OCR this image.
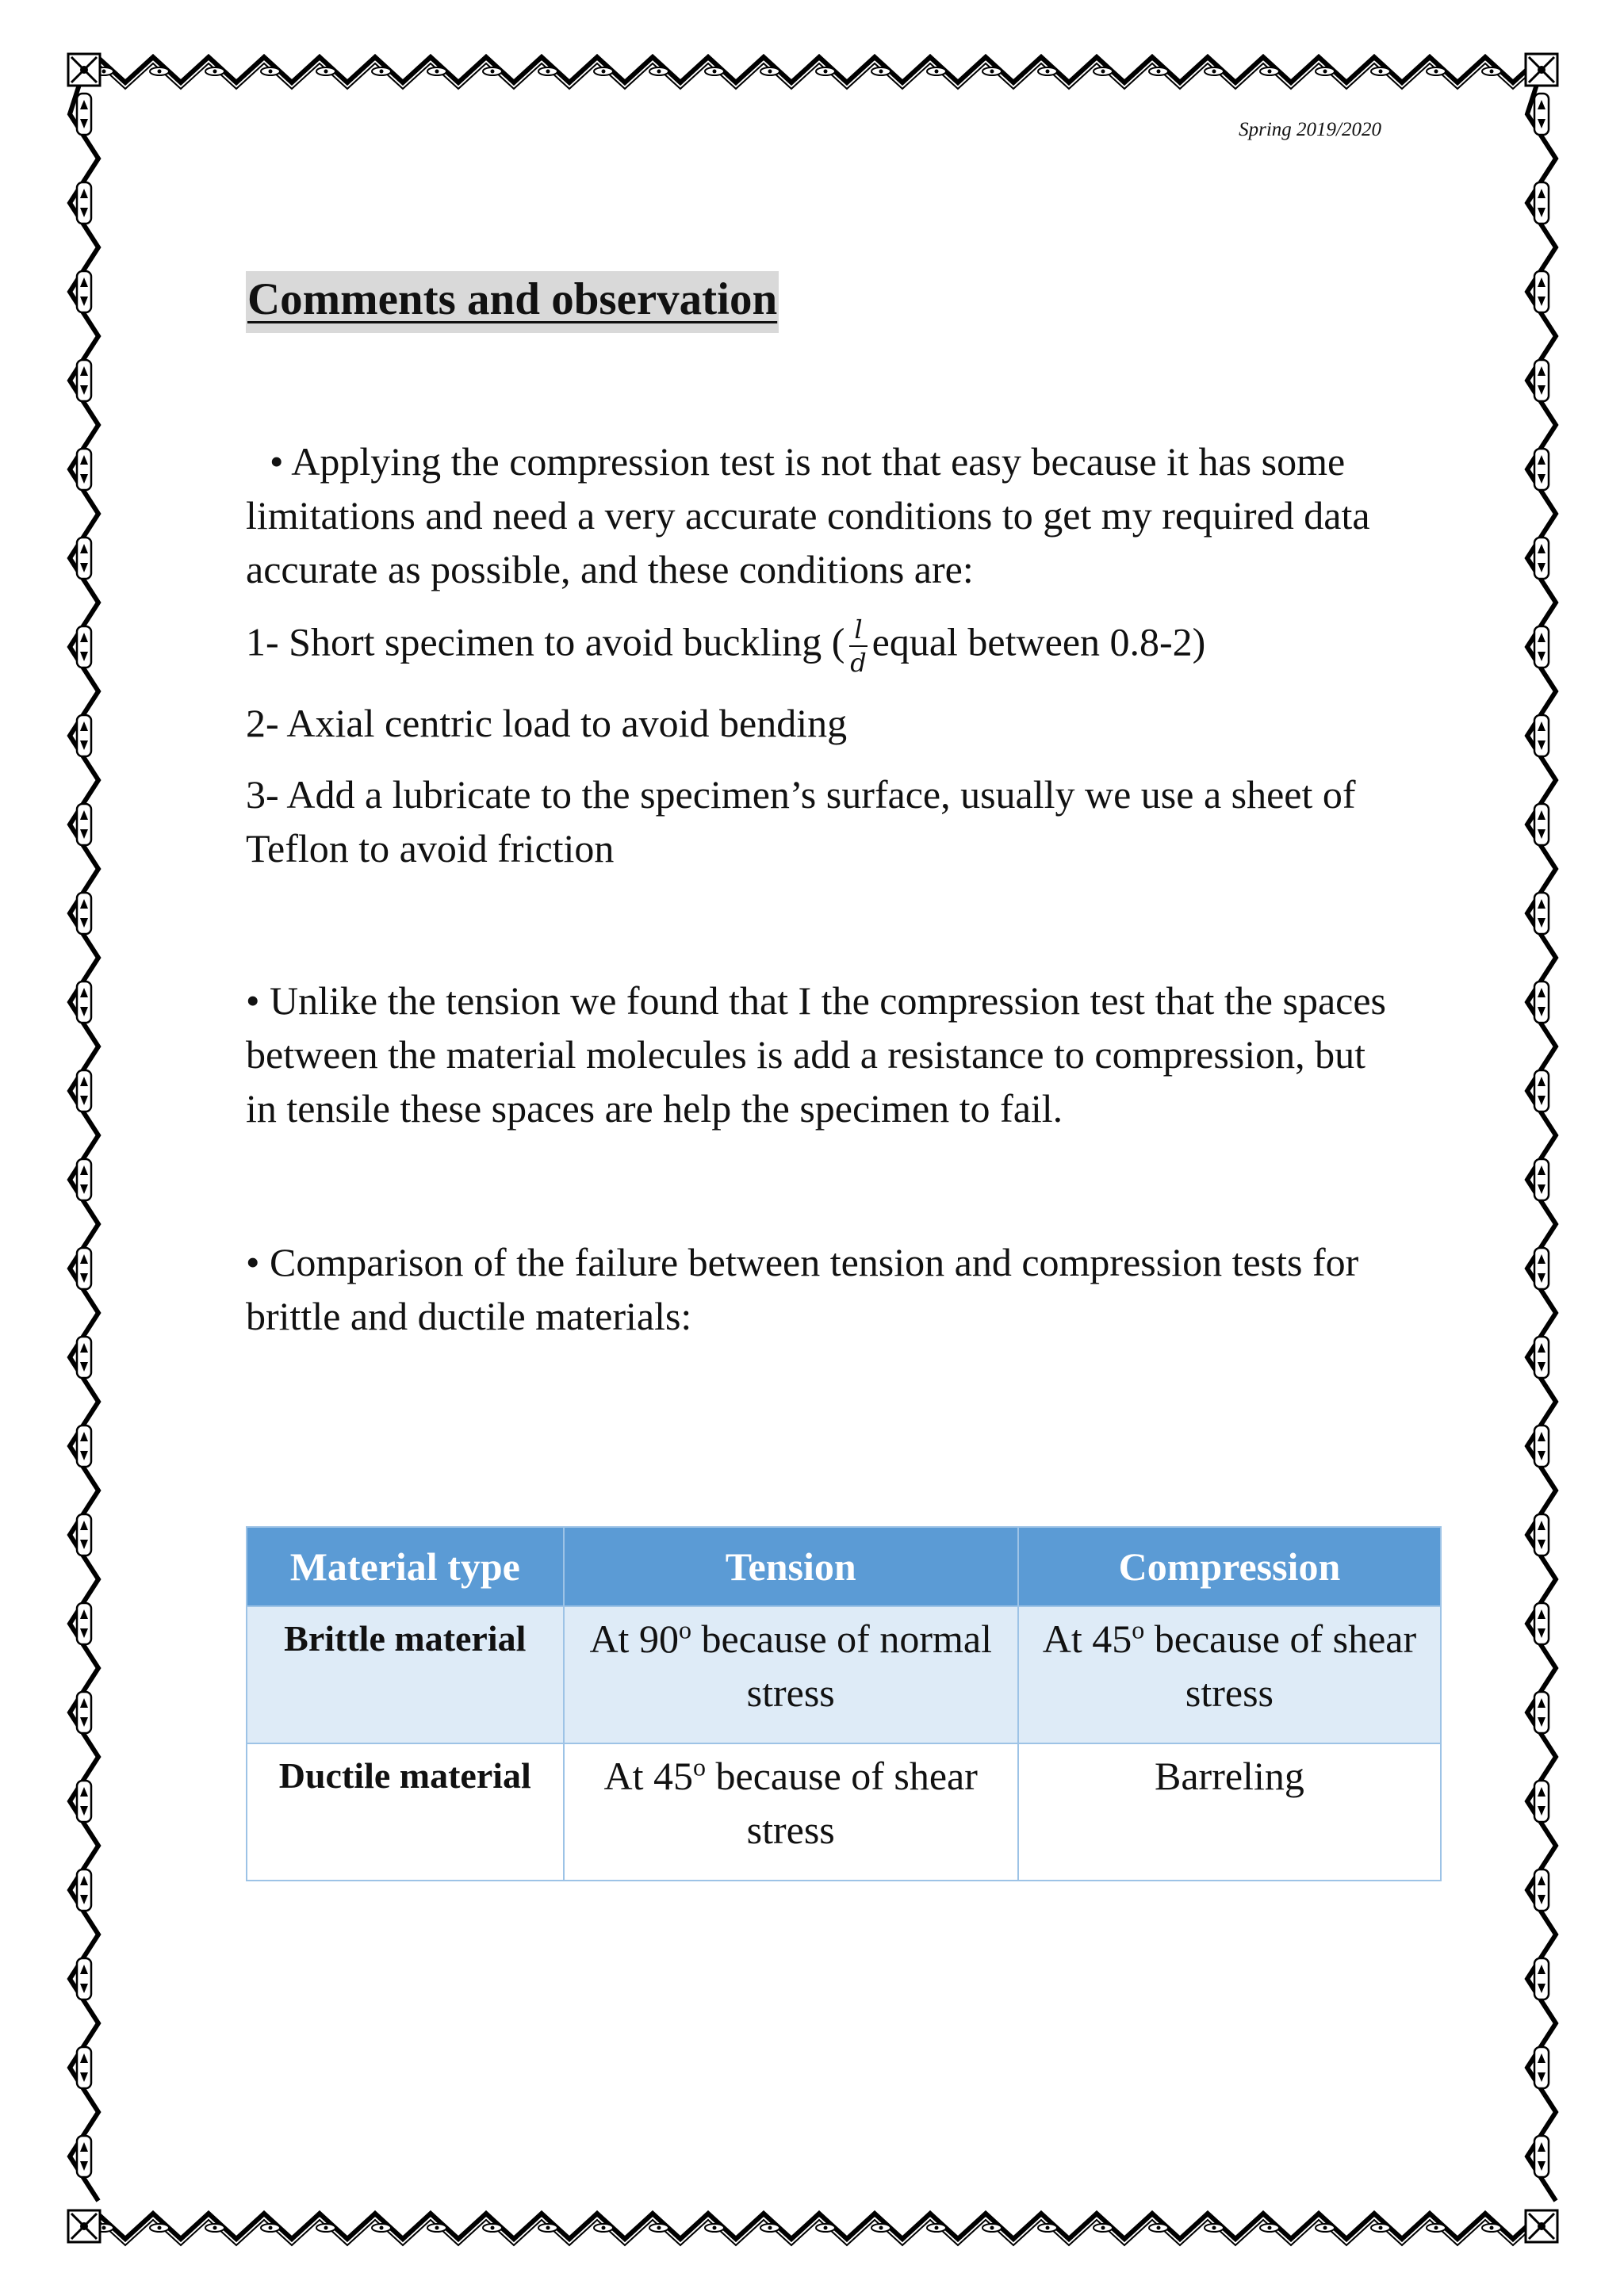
Spring 2019/2020
Comments and observation

• Applying the compression test is not that easy because it has some limitations and need a very accurate conditions to get my required data accurate as possible, and these conditions are:

1- Short specimen to avoid buckling ( $\frac{l}{d}$ equal between 0.8-2)

2- Axial centric load to avoid bending

3- Add a lubricate to the specimen’s surface, usually we use a sheet of Teflon to avoid friction

• Unlike the tension we found that I the compression test that the spaces between the material molecules is add a resistance to compression, but in tensile these spaces are help the specimen to fail.

• Comparison of the failure between tension and compression tests for brittle and ductile materials:

Material type	Tension	Compression
Brittle material	At 90$^o$ because of normal stress	At 45$^o$ because of shear stress
Ductile material	At 45$^o$ because of shear stress	Barreling
